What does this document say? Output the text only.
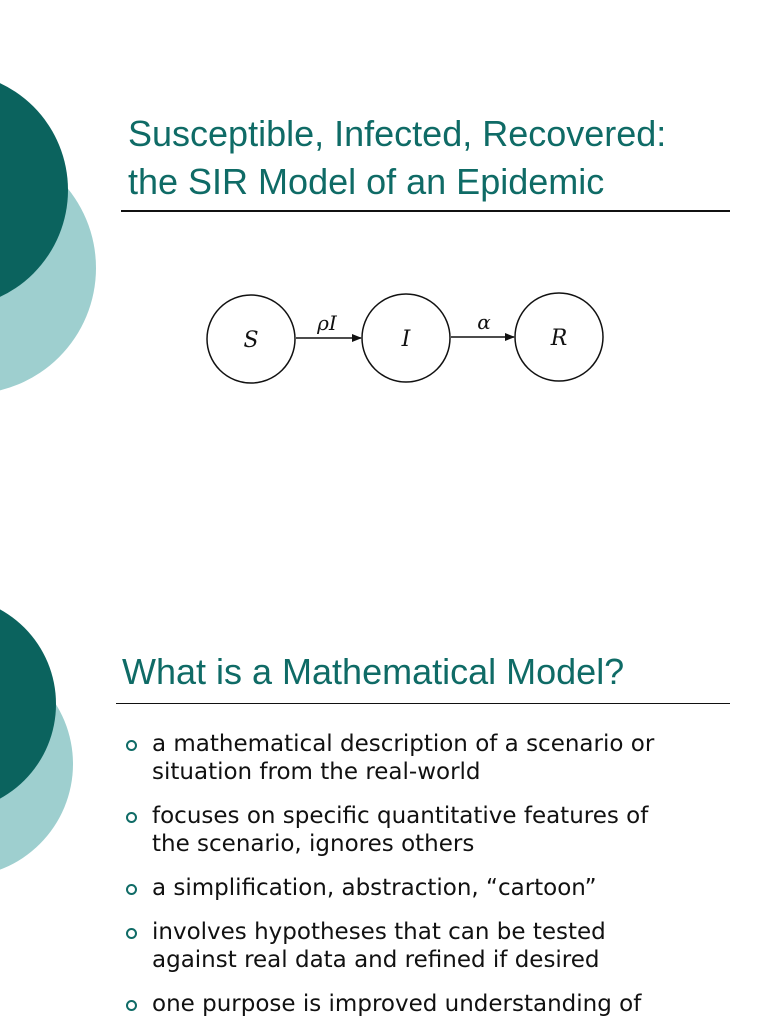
Susceptible, Infected, Recovered:
the SIR Model of an Epidemic
S	I	R
ρI	α
What is a Mathematical Model?
a mathematical description of a scenario or
situation from the real-world
focuses on specific quantitative features of
the scenario, ignores others
a simplification, abstraction, “cartoon”
involves hypotheses that can be tested
against real data and refined if desired
one purpose is improved understanding of
